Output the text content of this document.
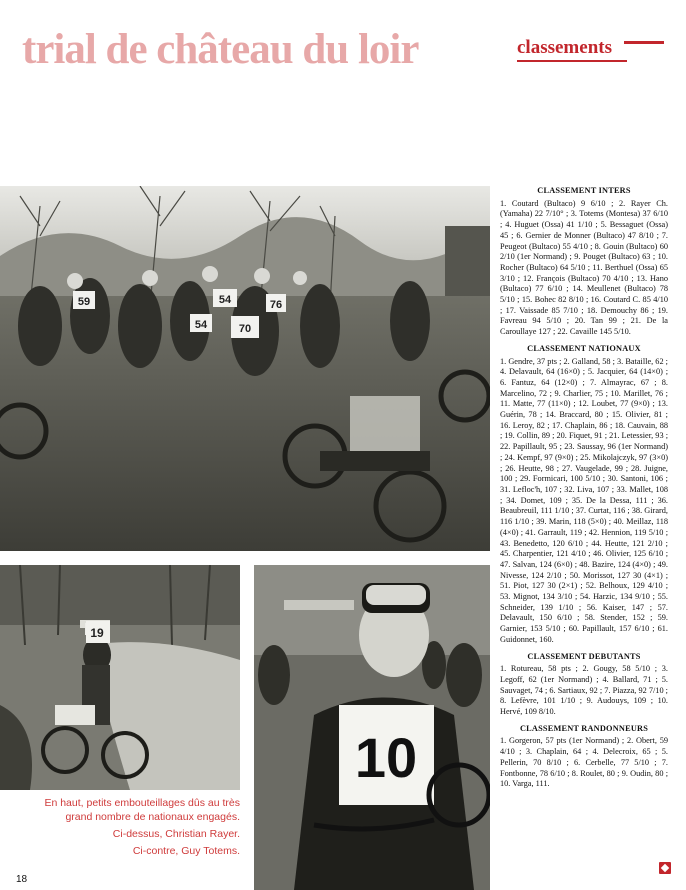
trial de château du loir	classements
59	54
70
76
54
19
10

En haut, petits embouteillages dûs au très grand nombre de nationaux engagés.

Ci-dessus, Christian Rayer.

Ci-contre, Guy Totems.

18
CLASSEMENT INTERS

1. Coutard (Bultaco) 9 6/10 ; 2. Rayer Ch. (Yamaha) 22 7/10° ; 3. Totems (Montesa) 37 6/10 ; 4. Huguet (Ossa) 41 1/10 ; 5. Bessaguet (Ossa) 45 ; 6. Gernier de Monner (Bultaco) 47 8/10 ; 7. Peugeot (Bultaco) 55 4/10 ; 8. Gouin (Bultaco) 60 2/10 (1er Normand) ; 9. Pouget (Bultaco) 63 ; 10. Rocher (Bultaco) 64 5/10 ; 11. Berthuel (Ossa) 65 3/10 ; 12. François (Bultaco) 70 4/10 ; 13. Hano (Bultaco) 77 6/10 ; 14. Meullenet (Bultaco) 78 5/10 ; 15. Bohec 82 8/10 ; 16. Coutard C. 85 4/10 ; 17. Vaissade 85 7/10 ; 18. Demouchy 86 ; 19. Favreau 94 5/10 ; 20. Tan 99 ; 21. De la Caroullaye 127 ; 22. Cavaille 145 5/10.

CLASSEMENT NATIONAUX

1. Gendre, 37 pts ; 2. Galland, 58 ; 3. Bataille, 62 ; 4. Delavault, 64 (16×0) ; 5. Jacquier, 64 (14×0) ; 6. Fantuz, 64 (12×0) ; 7. Almayrac, 67 ; 8. Marcelino, 72 ; 9. Charlier, 75 ; 10. Marillet, 76 ; 11. Matte, 77 (11×0) ; 12. Loubet, 77 (9×0) ; 13. Guérin, 78 ; 14. Braccard, 80 ; 15. Olivier, 81 ; 16. Leroy, 82 ; 17. Chaplain, 86 ; 18. Cauvain, 88 ; 19. Collin, 89 ; 20. Fiquet, 91 ; 21. Letessier, 93 ; 22. Papillault, 95 ; 23. Saussay, 96 (1er Normand) ; 24. Kempf, 97 (9×0) ; 25. Mikolajczyk, 97 (3×0) ; 26. Heutte, 98 ; 27. Vaugelade, 99 ; 28. Juigne, 100 ; 29. Formicari, 100 5/10 ; 30. Santoni, 106 ; 31. Lefloc'h, 107 ; 32. Liva, 107 ; 33. Mallet, 108 ; 34. Domet, 109 ; 35. De la Dessa, 111 ; 36. Beaubreuil, 111 1/10 ; 37. Curtat, 116 ; 38. Girard, 116 1/10 ; 39. Marin, 118 (5×0) ; 40. Meillaz, 118 (4×0) ; 41. Garrault, 119 ; 42. Hennion, 119 5/10 ; 43. Benedetto, 120 6/10 ; 44. Heutte, 121 2/10 ; 45. Charpentier, 121 4/10 ; 46. Olivier, 125 6/10 ; 47. Salvan, 124 (6×0) ; 48. Bazire, 124 (4×0) ; 49. Nivesse, 124 2/10 ; 50. Morissot, 127 30 (4×1) ; 51. Piot, 127 30 (2×1) ; 52. Belhoux, 129 4/10 ; 53. Mignot, 134 3/10 ; 54. Harzic, 134 9/10 ; 55. Schneider, 139 1/10 ; 56. Kaiser, 147 ; 57. Delavault, 150 6/10 ; 58. Stender, 152 ; 59. Garnier, 153 5/10 ; 60. Papillault, 157 6/10 ; 61. Guidonnet, 160.

CLASSEMENT DEBUTANTS

1. Rotureau, 58 pts ; 2. Gougy, 58 5/10 ; 3. Legoff, 62 (1er Normand) ; 4. Ballard, 71 ; 5. Sauvaget, 74 ; 6. Sartiaux, 92 ; 7. Piazza, 92 7/10 ; 8. Lefèvre, 101 1/10 ; 9. Audouys, 109 ; 10. Hervé, 109 8/10.

CLASSEMENT RANDONNEURS

1. Gorgeron, 57 pts (1er Normand) ; 2. Obert, 59 4/10 ; 3. Chaplain, 64 ; 4. Delecroix, 65 ; 5. Pellerin, 70 8/10 ; 6. Cerbelle, 77 5/10 ; 7. Fontbonne, 78 6/10 ; 8. Roulet, 80 ; 9. Oudin, 80 ; 10. Varga, 111.
